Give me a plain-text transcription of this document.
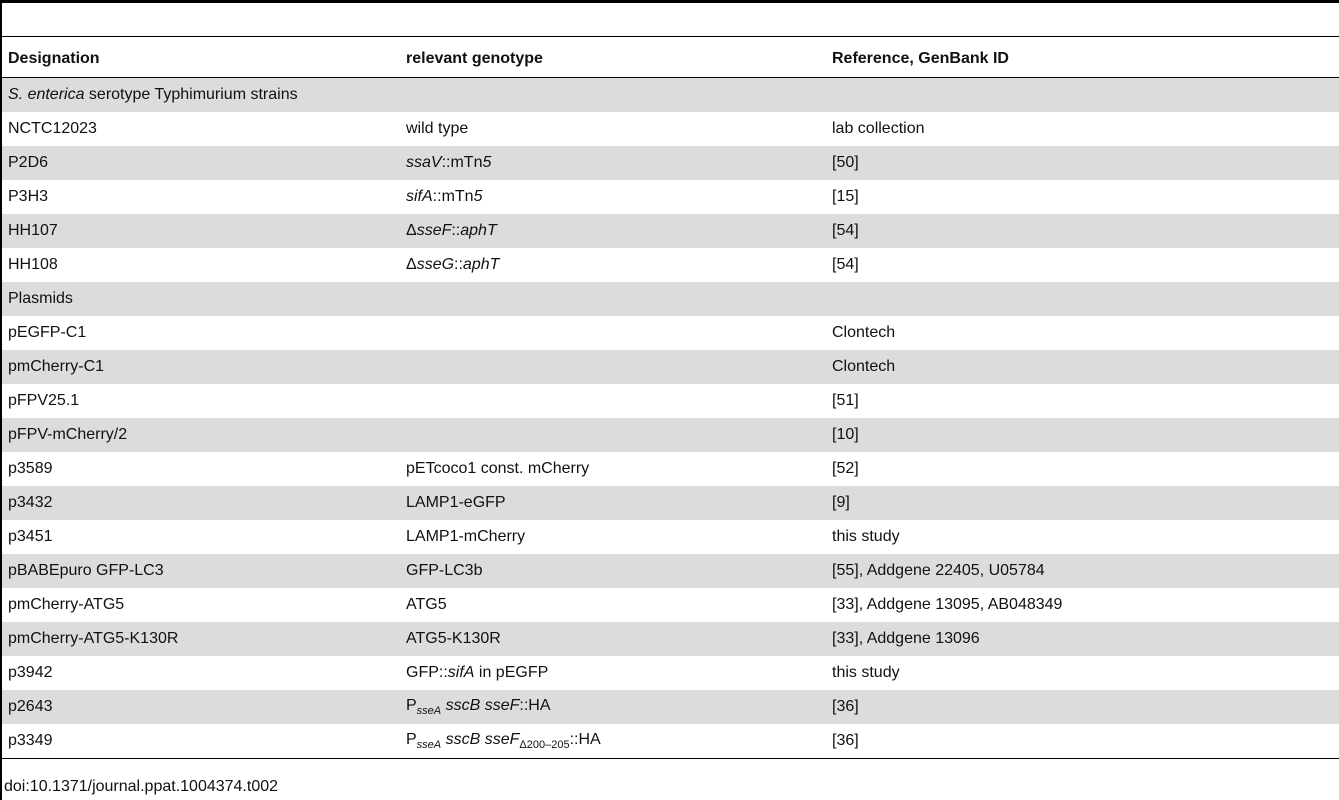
Designation	relevant genotype	Reference, GenBank ID
S. enterica serotype Typhimurium strains		
NCTC12023	wild type	lab collection
P2D6	ssaV::mTn5	[50]
P3H3	sifA::mTn5	[15]
HH107	ΔsseF::aphT	[54]
HH108	ΔsseG::aphT	[54]
Plasmids		
pEGFP-C1		Clontech
pmCherry-C1		Clontech
pFPV25.1		[51]
pFPV-mCherry/2		[10]
p3589	pETcoco1 const. mCherry	[52]
p3432	LAMP1-eGFP	[9]
p3451	LAMP1-mCherry	this study
pBABEpuro GFP-LC3	GFP-LC3b	[55], Addgene 22405, U05784
pmCherry-ATG5	ATG5	[33], Addgene 13095, AB048349
pmCherry-ATG5-K130R	ATG5-K130R	[33], Addgene 13096
p3942	GFP::sifA in pEGFP	this study
p2643	$P_{sseA}$ sscB sseF::HA	[36]
p3349	$P_{sseA}$ sscB sseF$_{\Delta 200-205}$::HA	[36]
doi:10.1371/journal.ppat.1004374.t002
